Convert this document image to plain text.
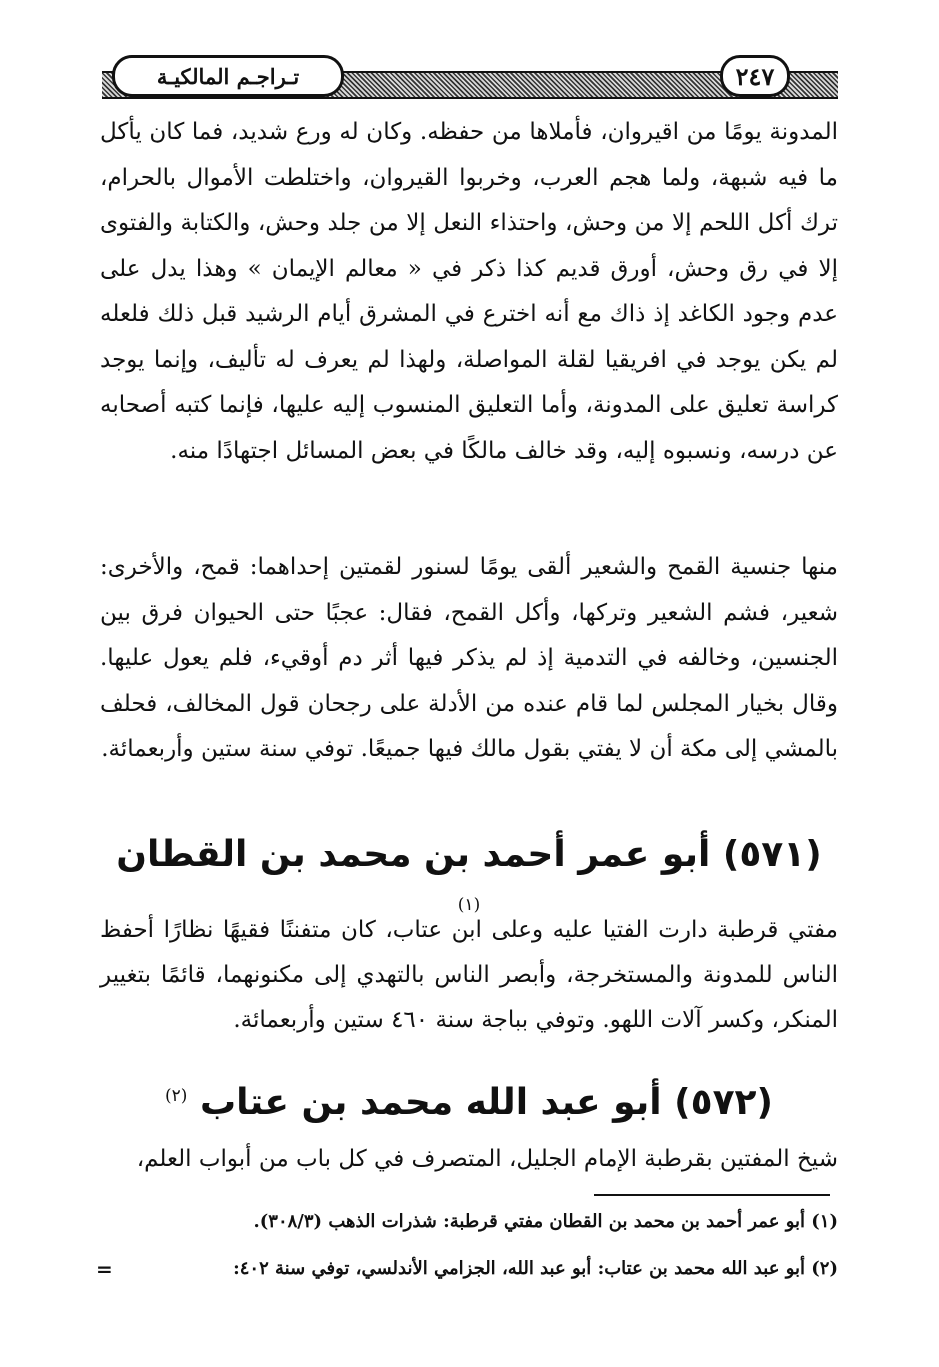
تـراجـم المالكيـة	٢٤٧

المدونة يومًا من اقيروان، فأملاها من حفظه. وكان له ورع شديد، فما كان يأكل ما فيه شبهة، ولما هجم العرب، وخربوا القيروان، واختلطت الأموال بالحرام، ترك أكل اللحم إلا من وحش، واحتذاء النعل إلا من جلد وحش، والكتابة والفتوى إلا في رق وحش، أورق قديم كذا ذكر في « معالم الإيمان » وهذا يدل على عدم وجود الكاغد إذ ذاك مع أنه اخترع في المشرق أيام الرشيد قبل ذلك فلعله لم يكن يوجد في افريقيا لقلة المواصلة، ولهذا لم يعرف له تأليف، وإنما يوجد كراسة تعليق على المدونة، وأما التعليق المنسوب إليه عليها، فإنما كتبه أصحابه عن درسه، ونسبوه إليه، وقد خالف مالكًا في بعض المسائل اجتهادًا منه.

منها جنسية القمح والشعير ألقى يومًا لسنور لقمتين إحداهما: قمح، والأخرى: شعير، فشم الشعير وتركها، وأكل القمح، فقال: عجبًا حتى الحيوان فرق بين الجنسين، وخالفه في التدمية إذ لم يذكر فيها أثر دم أوقيء، فلم يعول عليها. وقال بخيار المجلس لما قام عنده من الأدلة على رجحان قول المخالف، فحلف بالمشي إلى مكة أن لا يفتي بقول مالك فيها جميعًا. توفي سنة ستين وأربعمائة.

(٥٧١) أبو عمر أحمد بن محمد بن القطان $^{(١)}$

مفتي قرطبة دارت الفتيا عليه وعلى ابن عتاب، كان متفننًا فقيهًا نظارًا أحفظ الناس للمدونة والمستخرجة، وأبصر الناس بالتهدي إلى مكنونهما، قائمًا بتغيير المنكر، وكسر آلات اللهو. وتوفي بباجة سنة ٤٦٠ ستين وأربعمائة.

(٥٧٢) أبو عبد الله محمد بن عتاب $^{(٢)}$

شيخ المفتين بقرطبة الإمام الجليل، المتصرف في كل باب من أبواب العلم،

(١) أبو عمر أحمد بن محمد بن القطان مفتي قرطبة: شذرات الذهب (٣٠٨/٣).

(٢) أبو عبد الله محمد بن عتاب: أبو عبد الله، الجزامي الأندلسي، توفي سنة ٤٠٢:

=
